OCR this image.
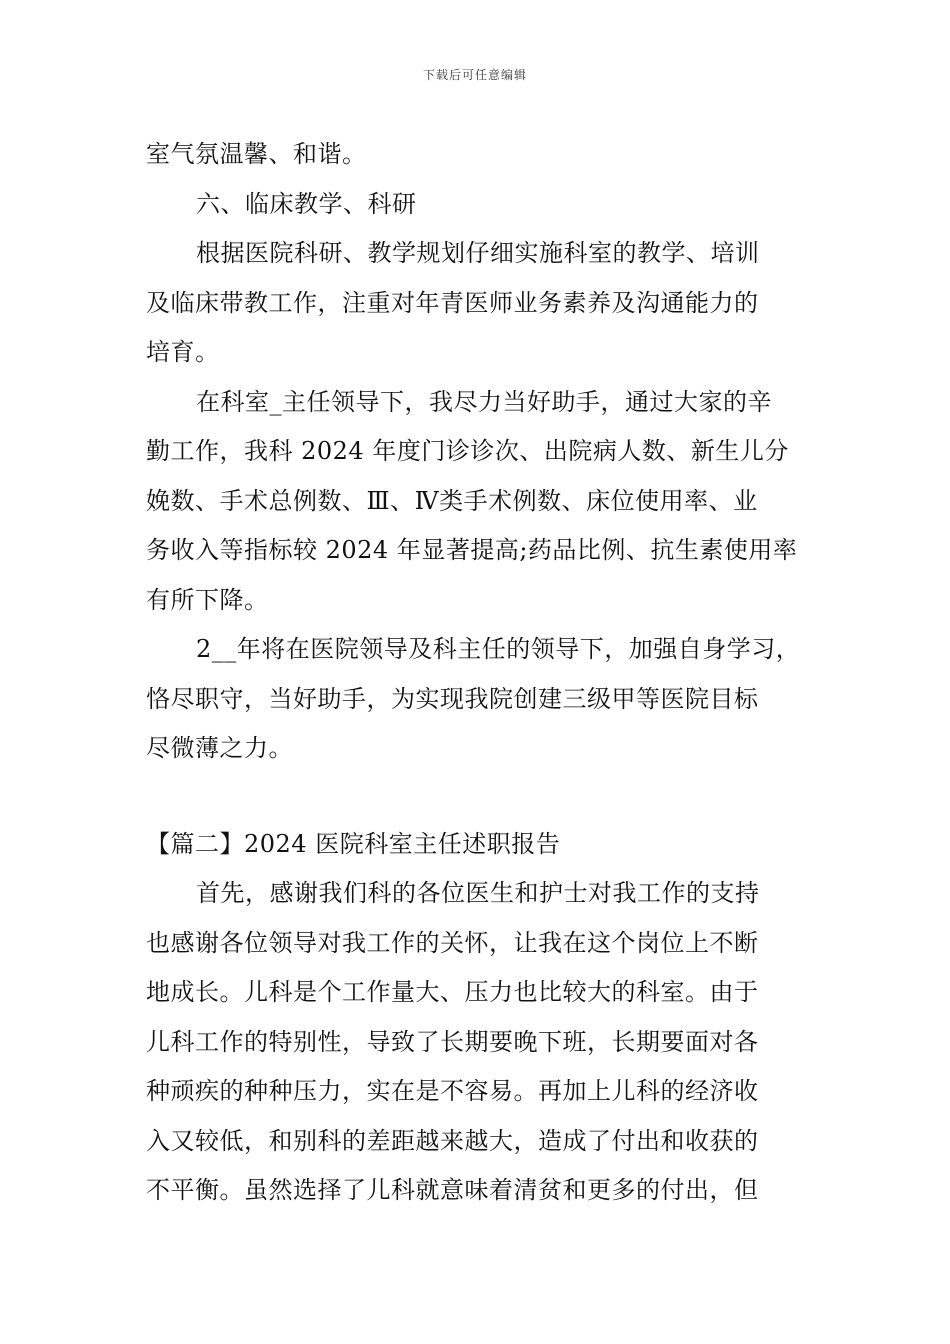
下载后可任意编辑
室气氛温馨、和谐。
六、临床教学、科研
根据医院科研、教学规划仔细实施科室的教学、培训
及临床带教工作，注重对年青医师业务素养及沟通能力的
培育。
在科室_主任领导下，我尽力当好助手，通过大家的辛
勤工作，我科 2024 年度门诊诊次、出院病人数、新生儿分
娩数、手术总例数、Ⅲ、Ⅳ类手术例数、床位使用率、业
务收入等指标较 2024 年显著提高;药品比例、抗生素使用率
有所下降。
2__年将在医院领导及科主任的领导下，加强自身学习，
恪尽职守，当好助手，为实现我院创建三级甲等医院目标
尽微薄之力。
【篇二】2024 医院科室主任述职报告
首先，感谢我们科的各位医生和护士对我工作的支持
也感谢各位领导对我工作的关怀，让我在这个岗位上不断
地成长。儿科是个工作量大、压力也比较大的科室。由于
儿科工作的特别性，导致了长期要晚下班，长期要面对各
种顽疾的种种压力，实在是不容易。再加上儿科的经济收
入又较低，和别科的差距越来越大，造成了付出和收获的
不平衡。虽然选择了儿科就意味着清贫和更多的付出，但
